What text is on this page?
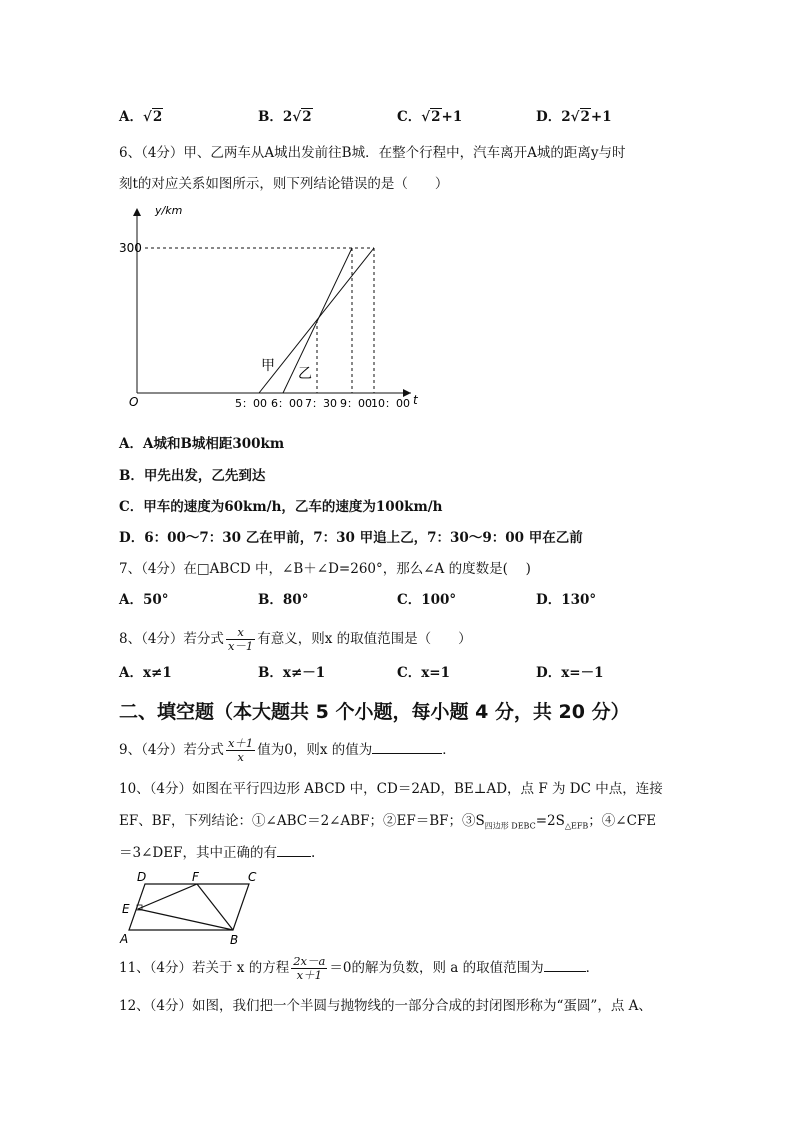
A．√2	B．2√2	C．√2+1	D．2√2+1
6、（4分）甲、乙两车从A城出发前往B城．在整个行程中，汽车离开A城的距离y与时
刻t的对应关系如图所示，则下列结论错误的是（　　）
y/km
t
O
300
甲 乙
5：00 6：00 7：30 9：00 10：00
A．A城和B城相距300km
B．甲先出发，乙先到达
C．甲车的速度为60km/h，乙车的速度为100km/h
D．6：00～7：30 乙在甲前，7：30 甲追上乙，7：30～9：00 甲在乙前
7、（4分）在□ABCD 中，∠B＋∠D=260°，那么∠A 的度数是(　 )
A．50°	B．80°	C．100°	D．130°
8、（4分）若分式 $\frac{x}{x-1}$ 有意义，则x 的取值范围是（　　）
A．x≠1	B．x≠－1	C．x=1	D．x=－1
二、填空题（本大题共 5 个小题，每小题 4 分，共 20 分）
9、（4分）若分式 $\frac{x+1}{x}$ 值为0，则x 的值为	．
10、（4分）如图在平行四边形 ABCD 中，CD＝2AD，BE⊥AD，点 F 为 DC 中点，连接
EF、BF，下列结论：①∠ABC＝2∠ABF；②EF＝BF；$③S_{四边形 DEBC}=2S_{\triangle EFB}$；④∠CFE
＝3∠DEF，其中正确的有	.
D	F	C
E
A	B
11、（4分）若关于 x 的方程 $\frac{2x-a}{x+1} =0$的解为负数，则 a 的取值范围为	．
12、（4分）如图，我们把一个半圆与抛物线的一部分合成的封闭图形称为“蛋圆”，点 A、
